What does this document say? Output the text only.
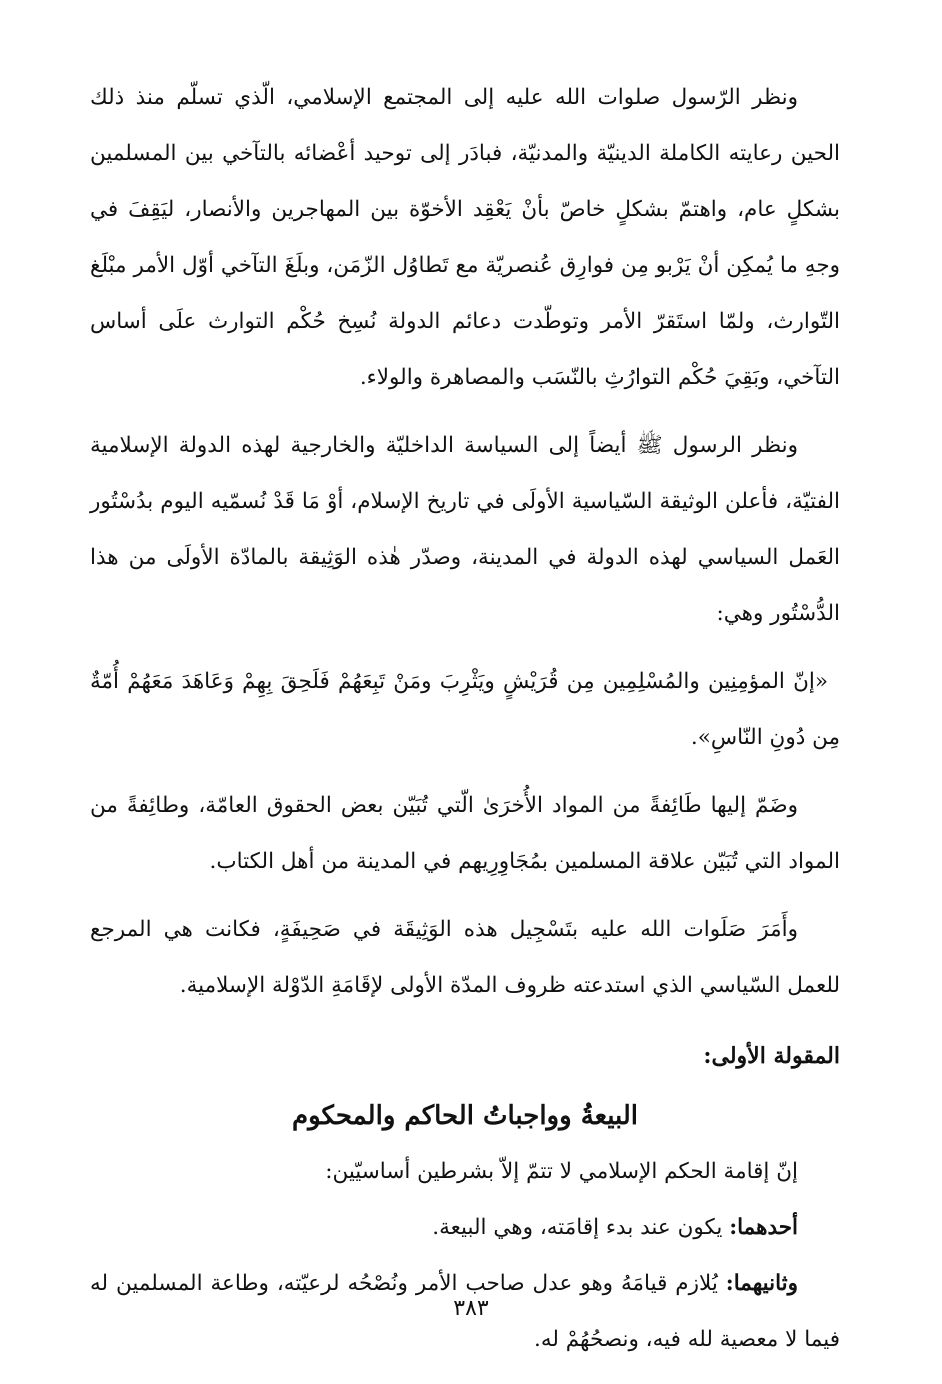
ونظر الرّسول صلوات الله عليه إلى المجتمع الإسلامي، الّذي تسلّم منذ ذلك الحين رعايته الكاملة الدينيّة والمدنيّة، فبادَر إلى توحيد أعْضائه بالتآخي بين المسلمين بشكلٍ عام، واهتمّ بشكلٍ خاصّ بأنْ يَعْقِد الأخوّة بين المهاجرين والأنصار، ليَقِفَ في وجهِ ما يُمكِن أنْ يَرْبو مِن فوارِق عُنصريّة مع تَطاوُل الزّمَن، وبلَغَ التآخي أوّل الأمر مبْلَغ التّوارث، ولمّا استَقرّ الأمر وتوطّدت دعائم الدولة نُسِخ حُكْم التوارث علَى أساس التآخي، وبَقِيَ حُكْم التوارُثِ بالنّسَب والمصاهرة والولاء.

ونظر الرسول ﷺ أيضاً إلى السياسة الداخليّة والخارجية لهذه الدولة الإسلامية الفتيّة، فأعلن الوثيقة السّياسية الأولَى في تاريخ الإسلام، أوْ مَا قَدْ نُسمّيه اليوم بدُسْتُور العَمل السياسي لهذه الدولة في المدينة، وصدّر هٰذه الوَثِيقة بالمادّة الأولَى من هذا الدُّسْتُور وهي:

«إنّ المؤمِنِين والمُسْلِمِين مِن قُرَيْشٍ ويَثْرِبَ ومَنْ تَبِعَهُمْ فَلَحِقَ بِهِمْ وَعَاهَدَ مَعَهُمْ أُمّةٌ مِن دُونِ النّاسِ».

وضَمّ إليها طَائِفةً من المواد الأُخرَىٰ الّتي تُبَيّن بعض الحقوق العامّة، وطائِفةً من المواد التي تُبَيّن علاقة المسلمين بمُجَاوِرِيهم في المدينة من أهل الكتاب.

وأَمَرَ صَلَوات الله عليه بتَسْجِيل هذه الوَثِيقَة في صَحِيفَةٍ، فكانت هي المرجع للعمل السّياسي الذي استدعته ظروف المدّة الأولى لإقَامَةِ الدّوْلة الإسلامية.

المقولة الأولى:
البيعةُ وواجباتُ الحاكم والمحكوم

إنّ إقامة الحكم الإسلامي لا تتمّ إلاّ بشرطين أساسيّين:

أحدهما: يكون عند بدء إقامَته، وهي البيعة.

وثانيهما: يُلازم قيامَهُ وهو عدل صاحب الأمر ونُصْحُه لرعيّته، وطاعة المسلمين له فيما لا معصية لله فيه، ونصحُهُمْ له.

٣٨٣
